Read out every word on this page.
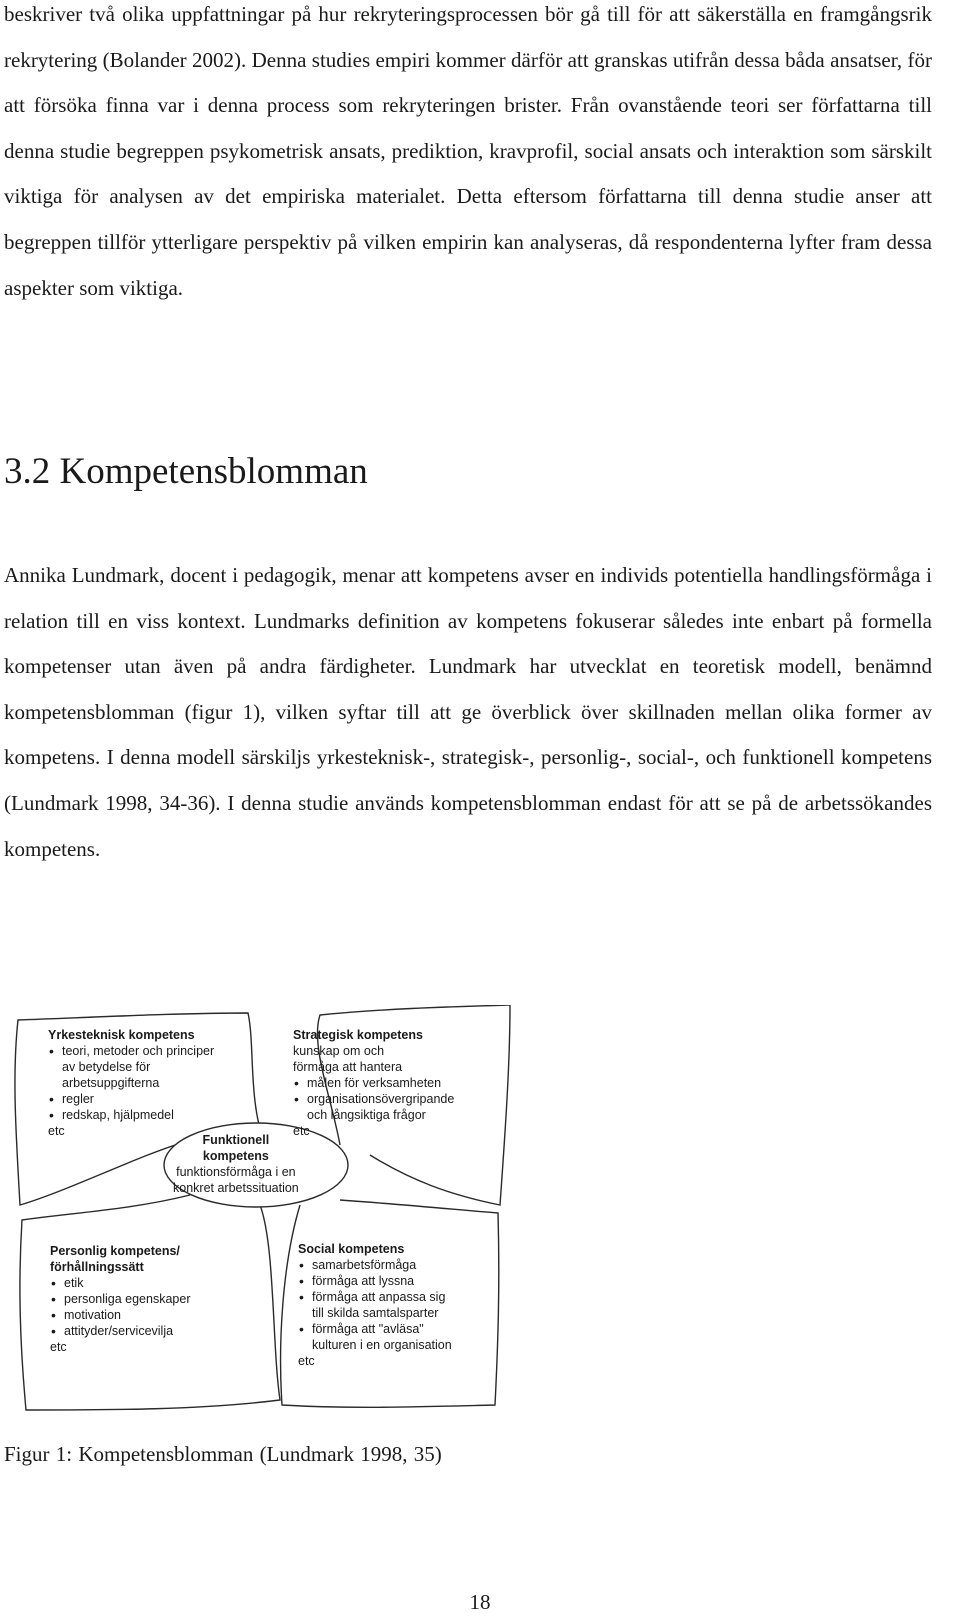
beskriver två olika uppfattningar på hur rekryteringsprocessen bör gå till för att säkerställa en framgångsrik rekrytering (Bolander 2002). Denna studies empiri kommer därför att granskas utifrån dessa båda ansatser, för att försöka finna var i denna process som rekryteringen brister. Från ovanstående teori ser författarna till denna studie begreppen psykometrisk ansats, prediktion, kravprofil, social ansats och interaktion som särskilt viktiga för analysen av det empiriska materialet. Detta eftersom författarna till denna studie anser att begreppen tillför ytterligare perspektiv på vilken empirin kan analyseras, då respondenterna lyfter fram dessa aspekter som viktiga.

3.2 Kompetensblomman

Annika Lundmark, docent i pedagogik, menar att kompetens avser en individs potentiella handlingsförmåga i relation till en viss kontext. Lundmarks definition av kompetens fokuserar således inte enbart på formella kompetenser utan även på andra färdigheter. Lundmark har utvecklat en teoretisk modell, benämnd kompetensblomman (figur 1), vilken syftar till att ge överblick över skillnaden mellan olika former av kompetens. I denna modell särskiljs yrkesteknisk-, strategisk-, personlig-, social-, och funktionell kompetens (Lundmark 1998, 34-36). I denna studie används kompetensblomman endast för att se på de arbetssökandes kompetens.

Yrkesteknisk kompetens
• teori, metoder och principer
av betydelse för
arbetsuppgifterna
• regler
• redskap, hjälpmedel
etc
Strategisk kompetens
kunskap om och
förmåga att hantera
• målen för verksamheten
• organisationsövergripande
och långsiktiga frågor
etc
Funktionell
kompetens
funktionsförmåga i en
konkret arbetssituation
Personlig kompetens/
förhållningssätt
• etik
• personliga egenskaper
• motivation
• attityder/servicevilja
etc
Social kompetens
• samarbetsförmåga
• förmåga att lyssna
• förmåga att anpassa sig
till skilda samtalsparter
• förmåga att "avläsa"
kulturen i en organisation
etc

Figur 1: Kompetensblomman (Lundmark 1998, 35)

18
